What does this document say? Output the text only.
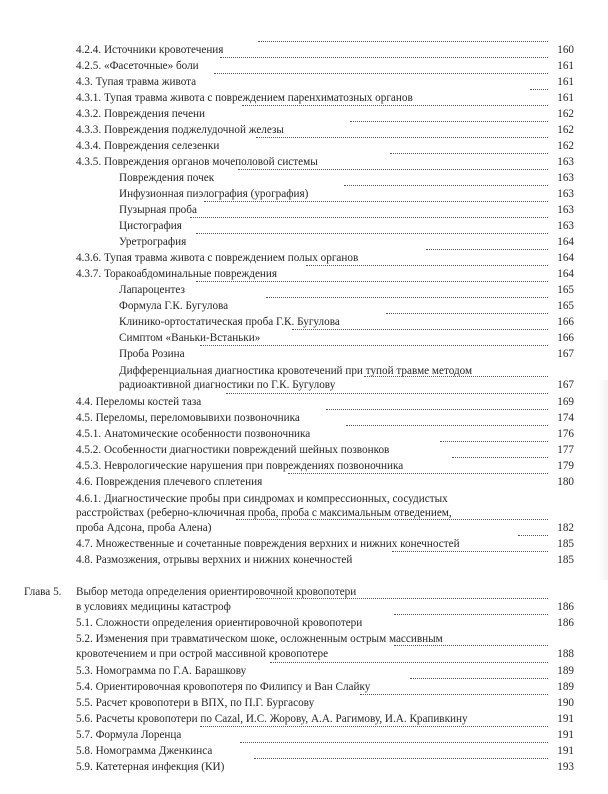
4.2.4. Источники кровотечения	160
4.2.5. «Фасеточные» боли	161
4.3. Тупая травма живота	161
4.3.1. Тупая травма живота с повреждением паренхиматозных органов	161
4.3.2. Повреждения печени	162
4.3.3. Повреждения поджелудочной железы	162
4.3.4. Повреждения селезенки	162
4.3.5. Повреждения органов мочеполовой системы	163
Повреждения почек	163
Инфузионная пиэлография (урография)	163
Пузырная проба	163
Цистография	163
Уретрография	164
4.3.6. Тупая травма живота с повреждением полых органов	164
4.3.7. Торакоабдоминальные повреждения	164
Лапароцентез	165
Формула Г.К. Бугулова	165
Клинико-ортостатическая проба Г.К. Бугулова	166
Симптом «Ваньки-Встаньки»	166
Проба Розина	167
Дифференциальная диагностика кровотечений при тупой травме методом
радиоактивной диагностики по Г.К. Бугулову	167
4.4. Переломы костей таза	169
4.5. Переломы, переломовывихи позвоночника	174
4.5.1. Анатомические особенности позвоночника	176
4.5.2. Особенности диагностики повреждений шейных позвонков	177
4.5.3. Неврологические нарушения при повреждениях позвоночника	179
4.6. Повреждения плечевого сплетения	180
4.6.1. Диагностические пробы при синдромах и компрессионных, сосудистых
расстройствах (реберно-ключичная проба, проба с максимальным отведением,
проба Адсона, проба Алена)	182
4.7. Множественные и сочетанные повреждения верхних и нижних конечностей	185
4.8. Размозжения, отрывы верхних и нижних конечностей	185
Глава 5. Выбор метода определения ориентировочной кровопотери
в условиях медицины катастроф	186
5.1. Сложности определения ориентировочной кровопотери	186
5.2. Изменения при травматическом шоке, осложненным острым массивным
кровотечением и при острой массивной кровопотере	188
5.3. Номограмма по Г.А. Барашкову	189
5.4. Ориентировочная кровопотеря по Филипсу и Ван Слайку	189
5.5. Расчет кровопотери в ВПХ, по П.Г. Бургасову	190
5.6. Расчеты кровопотери по Cazal, И.С. Жорову, А.А. Рагимову, И.А. Крапивкину	191
5.7. Формула Лоренца	191
5.8. Номограмма Дженкинса	191
5.9. Катетерная инфекция (КИ)	193
